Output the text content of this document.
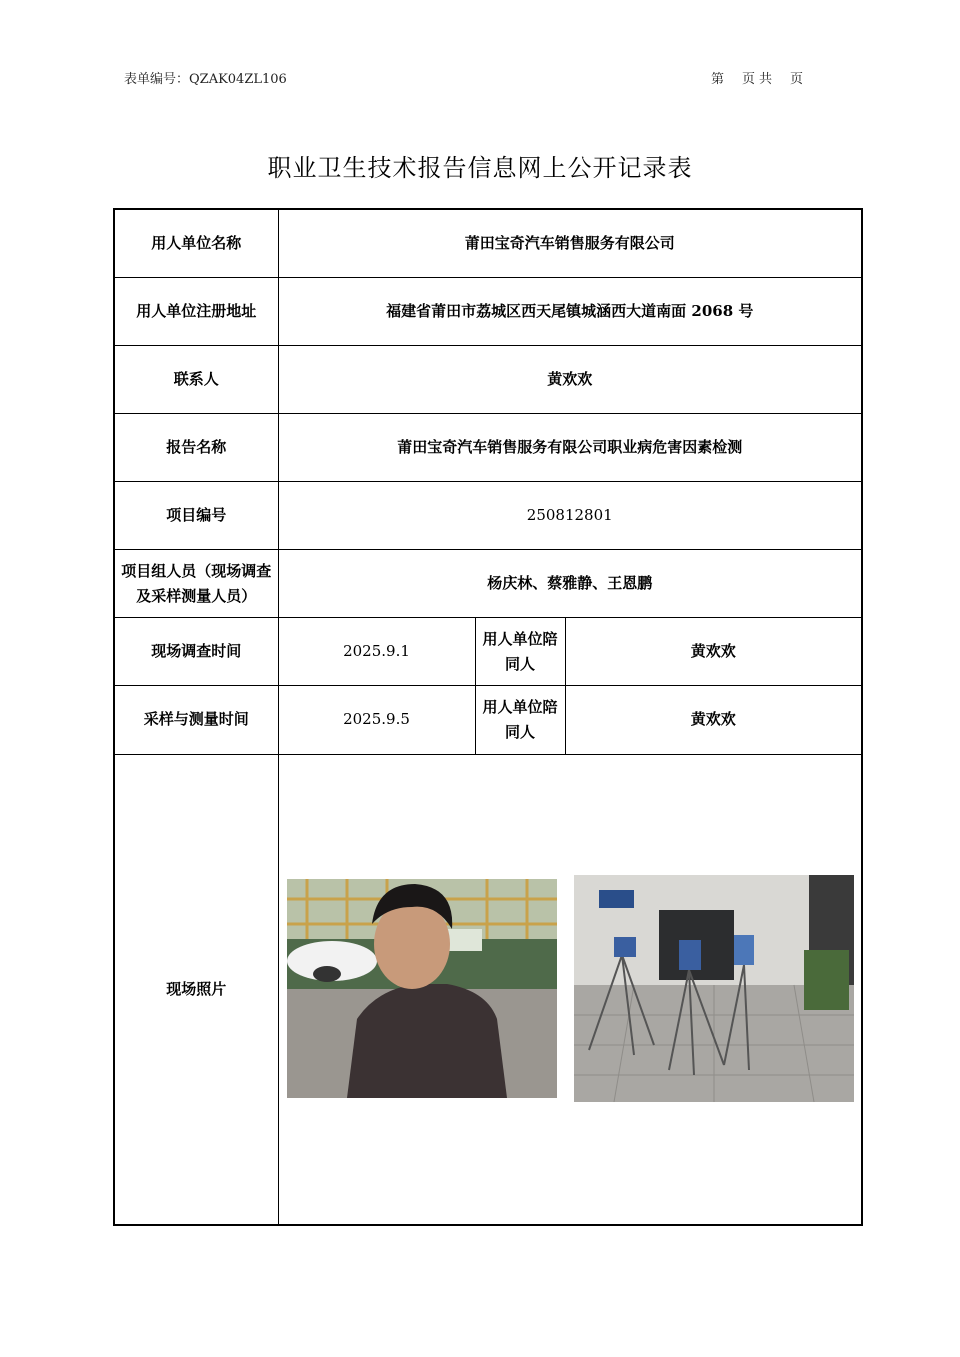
表单编号：QZAK04ZL106	第 页 共 页
职业卫生技术报告信息网上公开记录表
用人单位名称	莆田宝奇汽车销售服务有限公司		
用人单位注册地址	福建省莆田市荔城区西天尾镇城涵西大道南面 2068 号		
联系人	黄欢欢		
报告名称	莆田宝奇汽车销售服务有限公司职业病危害因素检测		
项目编号	250812801		
项目组人员（现场调查及采样测量人员）	杨庆林、蔡雅静、王恩鹏		
现场调查时间	2025.9.1	用人单位陪同人	黄欢欢
采样与测量时间	2025.9.5	用人单位陪同人	黄欢欢
现场照片	
